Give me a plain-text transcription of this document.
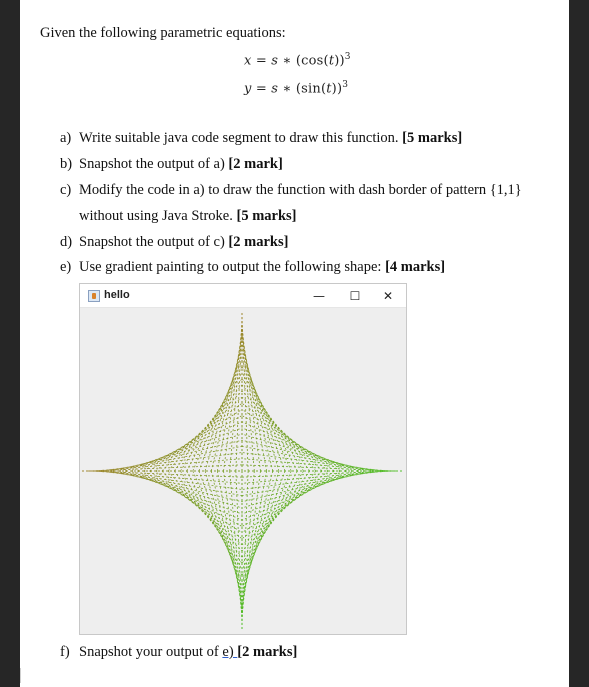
Given the following parametric equations:
x = s ∗ $(\cos(t))^3$
y = s ∗ $(\sin(t))^3$
a) Write suitable java code segment to draw this function. [5 marks]
b) Snapshot the output of a) [2 mark]
c) Modify the code in a) to draw the function with dash border of pattern {1,1}
without using Java Stroke. [5 marks]
d) Snapshot the output of c) [2 marks]
e) Use gradient painting to output the following shape: [4 marks]
hello	—	☐	✕
f) Snapshot your output of e) [2 marks]
